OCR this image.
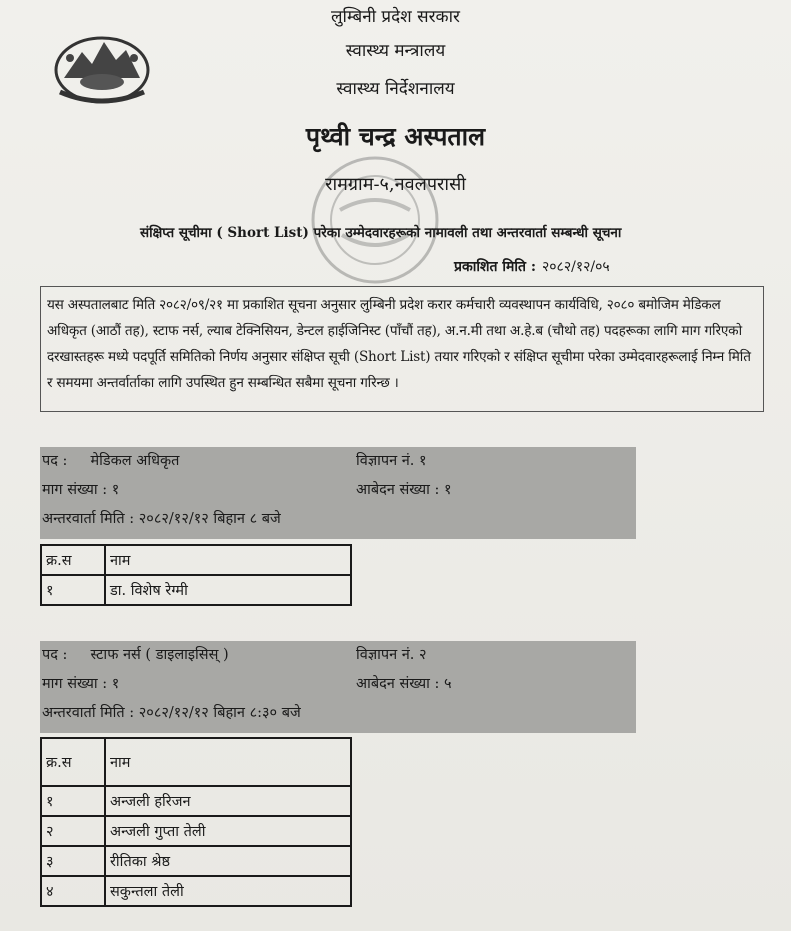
लुम्बिनी प्रदेश सरकार
स्वास्थ्य मन्त्रालय
स्वास्थ्य निर्देशनालय
पृथ्वी चन्द्र अस्पताल
रामग्राम-५,नवलपरासी
संक्षिप्त सूचीमा ( Short List) परेका उम्मेदवारहरूको नामावली तथा अन्तरवार्ता सम्बन्धी सूचना
प्रकाशित मिति : २०८२/१२/०५
यस अस्पतालबाट मिति २०८२/०९/२१ मा प्रकाशित सूचना अनुसार लुम्बिनी प्रदेश करार कर्मचारी व्यवस्थापन कार्यविधि, २०८० बमोजिम मेडिकल अधिकृत (आठौं तह), स्टाफ नर्स, ल्याब टेक्निसियन, डेन्टल हाईजिनिस्ट (पाँचौं तह), अ.न.मी तथा अ.हे.ब (चौथो तह) पदहरूका लागि माग गरिएको दरखास्तहरू मध्ये पदपूर्ति समितिको निर्णय अनुसार संक्षिप्त सूची (Short List) तयार गरिएको र संक्षिप्त सूचीमा परेका उम्मेदवारहरूलाई निम्न मिति र समयमा अन्तर्वार्ताका लागि उपस्थित हुन सम्बन्धित सबैमा सूचना गरिन्छ ।
पद : मेडिकल अधिकृत	विज्ञापन नं. १
माग संख्या : १	आबेदन संख्या : १
अन्तरवार्ता मिति : २०८२/१२/१२ बिहान ८ बजे
क्र.स	नाम
१	डा. विशेष रेग्मी
पद : स्टाफ नर्स ( डाइलाइसिस् )	विज्ञापन नं. २
माग संख्या : १	आबेदन संख्या : ५
अन्तरवार्ता मिति : २०८२/१२/१२ बिहान ८:३० बजे
क्र.स	नाम
१	अन्जली हरिजन
२	अन्जली गुप्ता तेली
३	रीतिका श्रेष्ठ
४	सकुन्तला तेली
